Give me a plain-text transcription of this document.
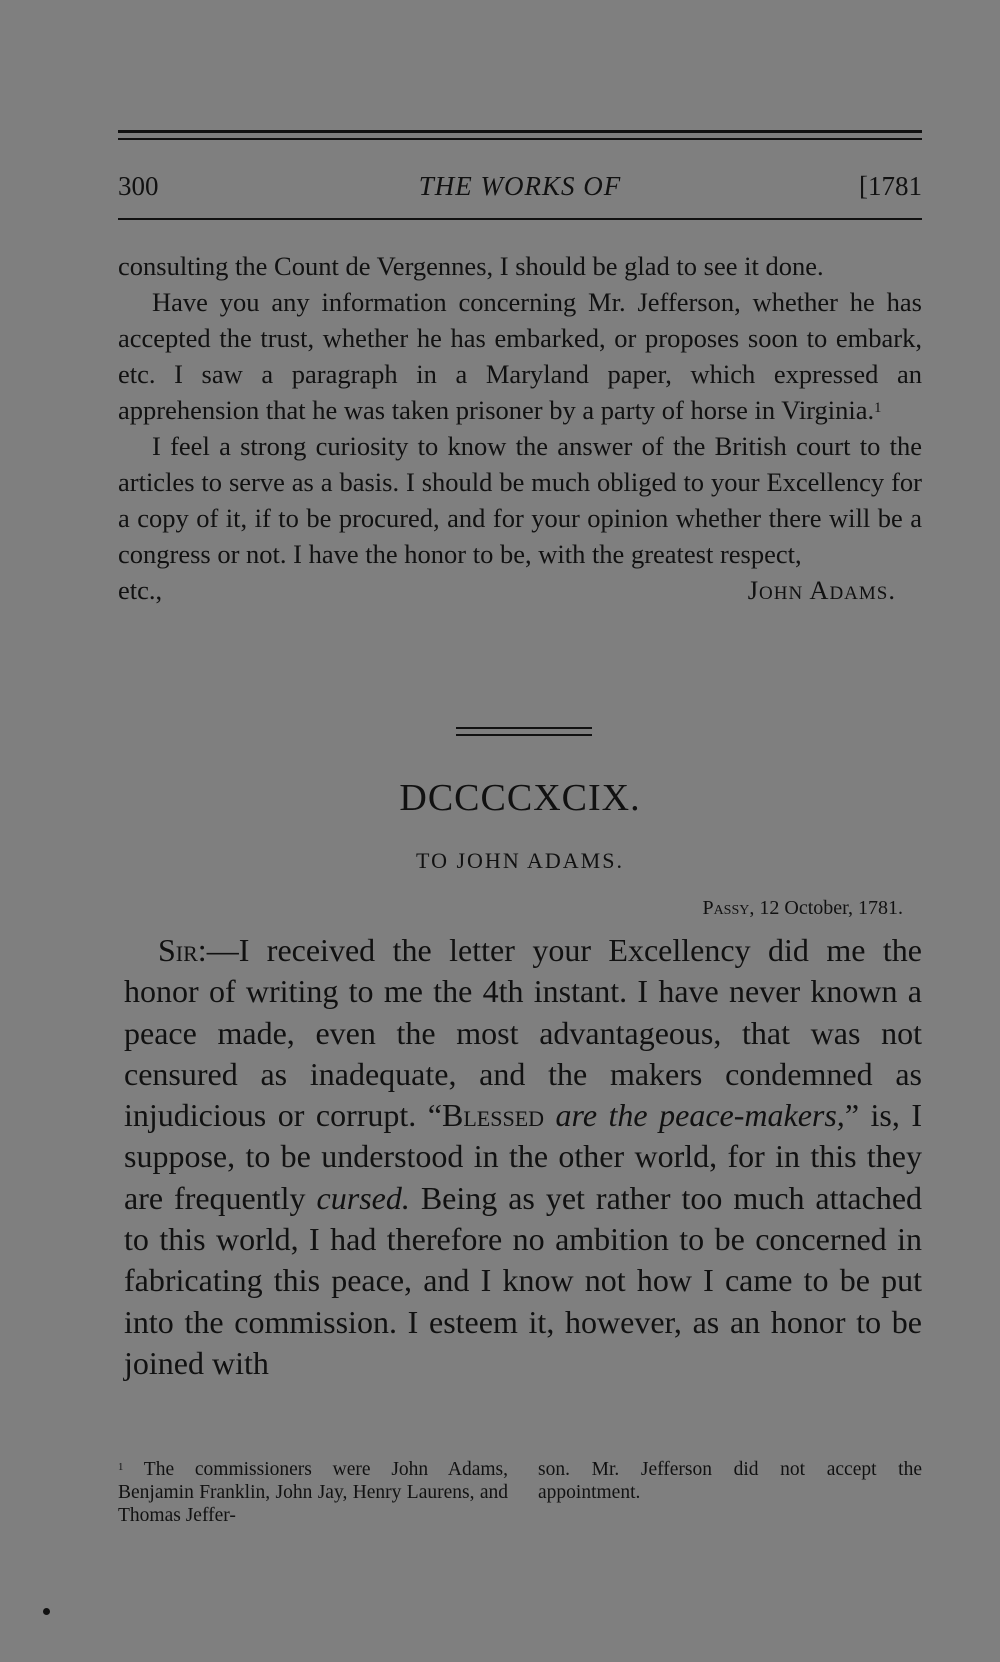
300	THE WORKS OF	[1781

consulting the Count de Vergennes, I should be glad to see it done.

Have you any information concerning Mr. Jefferson, whether he has accepted the trust, whether he has embarked, or proposes soon to embark, etc. I saw a paragraph in a Maryland paper, which expressed an apprehension that he was taken prisoner by a party of horse in Virginia.$^1$

I feel a strong curiosity to know the answer of the British court to the articles to serve as a basis. I should be much obliged to your Excellency for a copy of it, if to be procured, and for your opinion whether there will be a congress or not. I have the honor to be, with the greatest respect,

etc.,	John Adams.
DCCCCXCIX.
TO JOHN ADAMS.
Passy, 12 October, 1781.

Sir:—I received the letter your Excellency did me the honor of writing to me the 4th instant. I have never known a peace made, even the most advantageous, that was not censured as inadequate, and the makers condemned as injudicious or corrupt. “Blessed are the peace-makers,” is, I suppose, to be understood in the other world, for in this they are frequently cursed. Being as yet rather too much attached to this world, I had therefore no ambition to be concerned in fabricating this peace, and I know not how I came to be put into the commission. I esteem it, however, as an honor to be joined with

$^1$ The commissioners were John Adams, Benjamin Franklin, John Jay, Henry Laurens, and Thomas Jeffer-
son. Mr. Jefferson did not accept the appointment.
